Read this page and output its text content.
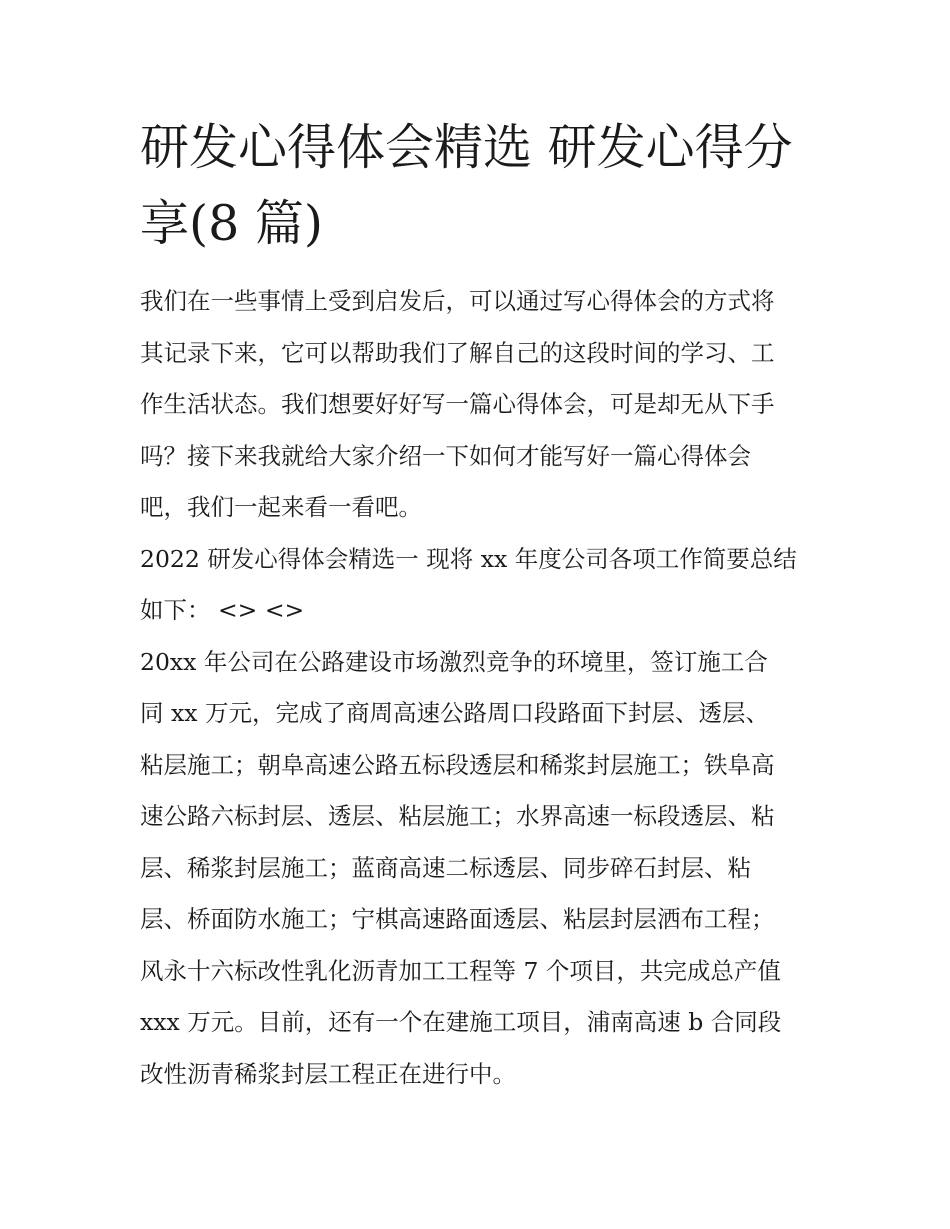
研发心得体会精选 研发心得分
享(8 篇)
我们在一些事情上受到启发后，可以通过写心得体会的方式将
其记录下来，它可以帮助我们了解自己的这段时间的学习、工
作生活状态。我们想要好好写一篇心得体会，可是却无从下手
吗？接下来我就给大家介绍一下如何才能写好一篇心得体会
吧，我们一起来看一看吧。
2022 研发心得体会精选一 现将 xx 年度公司各项工作简要总结
如下： <> <>
20xx 年公司在公路建设市场激烈竞争的环境里，签订施工合
同 xx 万元，完成了商周高速公路周口段路面下封层、透层、
粘层施工；朝阜高速公路五标段透层和稀浆封层施工；铁阜高
速公路六标封层、透层、粘层施工；水界高速一标段透层、粘
层、稀浆封层施工；蓝商高速二标透层、同步碎石封层、粘
层、桥面防水施工；宁棋高速路面透层、粘层封层洒布工程；
风永十六标改性乳化沥青加工工程等 7 个项目，共完成总产值
xxx 万元。目前，还有一个在建施工项目，浦南高速 b 合同段
改性沥青稀浆封层工程正在进行中。
